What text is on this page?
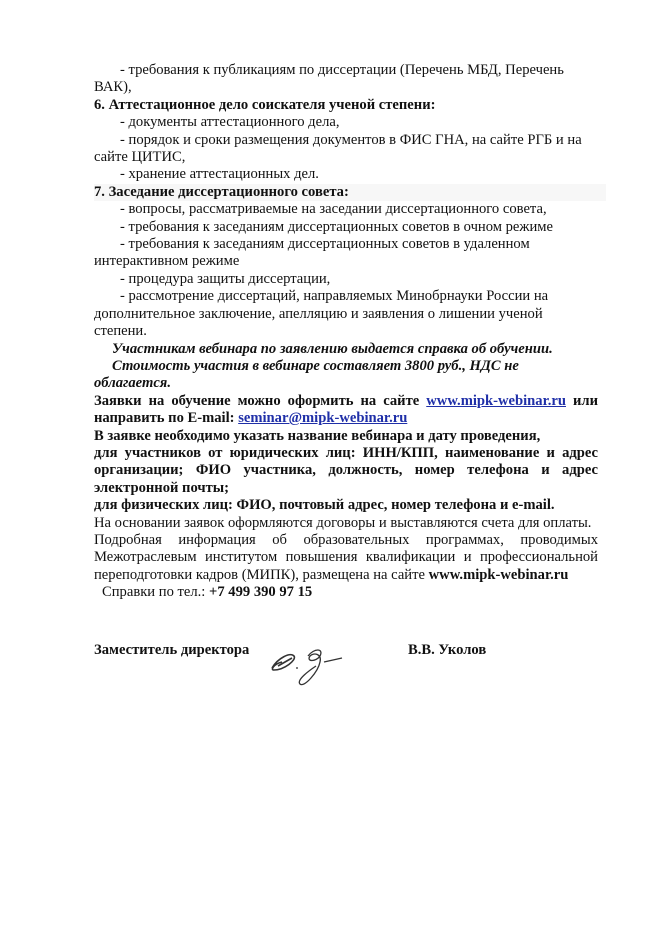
- требования к публикациям по диссертации (Перечень МБД, Перечень ВАК),

6. Аттестационное дело соискателя ученой степени:

- документы аттестационного дела,

- порядок и сроки размещения документов в ФИС ГНА, на сайте РГБ и на сайте ЦИТИС,

- хранение аттестационных дел.

7. Заседание диссертационного совета:

- вопросы, рассматриваемые на заседании диссертационного совета,

- требования к заседаниям диссертационных советов в очном режиме

- требования к заседаниям диссертационных советов в удаленном интерактивном режиме

- процедура защиты диссертации,

- рассмотрение диссертаций, направляемых Минобрнауки России на дополнительное заключение, апелляцию и заявления о лишении ученой степени.

Участникам вебинара по заявлению выдается справка об обучении.

Стоимость участия в вебинаре составляет 3800 руб., НДС не облагается.

Заявки на обучение можно оформить на сайте www.mipk-webinar.ru или направить по E-mail: seminar@mipk-webinar.ru

В заявке необходимо указать название вебинара и дату проведения,

для участников от юридических лиц: ИНН/КПП, наименование и адрес организации; ФИО участника, должность, номер телефона и адрес электронной почты;

для физических лиц: ФИО, почтовый адрес, номер телефона и e-mail.

На основании заявок оформляются договоры и выставляются счета для оплаты.

Подробная информация об образовательных программах, проводимых Межотраслевым институтом повышения квалификации и профессиональной переподготовки кадров (МИПК), размещена на сайте www.mipk-webinar.ru

Справки по тел.: +7 499 390 97 15

Заместитель директора	В.В. Уколов
